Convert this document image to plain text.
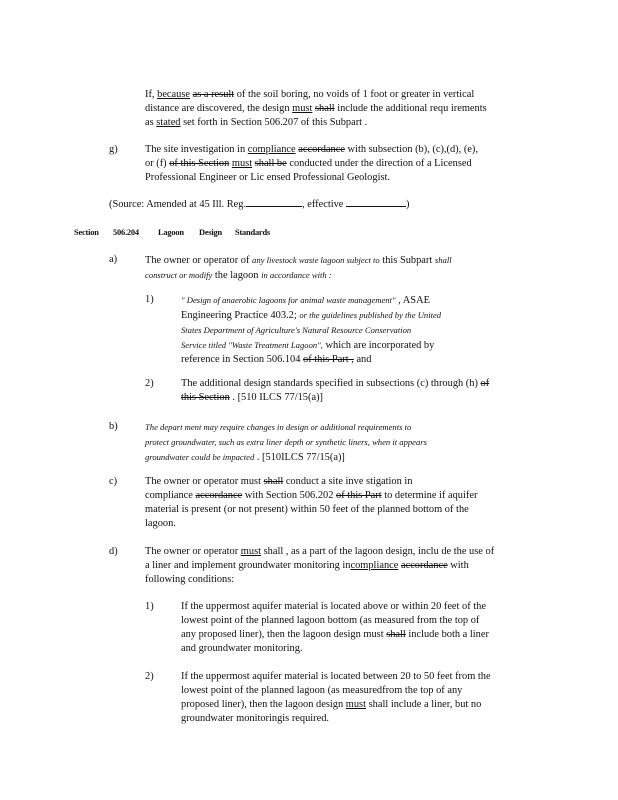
If, because as a result of the soil boring, no voids of 1 foot or greater in vertical
distance are discovered, the design must shall include the additional requ irements
as stated set forth in Section 506.207 of this Subpart .
g)	The site investigation in compliance accordance with subsection (b), (c),(d), (e),
or (f) of this Section must shall be conducted under the direction of a Licensed
Professional Engineer or Lic ensed Professional Geologist.
(Source: Amended at 45 Ill. Reg.	, effective	)
Section 506.204 Lagoon Design Standards
a)	The owner or operator of any livestock waste lagoon subject to this Subpart shall
construct or modify the lagoon in accordance with :
1)	" Design of anaerobic lagoons for animal waste management" , ASAE
Engineering Practice 403.2; or the guidelines published by the United
States Department of Agriculture's Natural Resource Conservation
Service titled "Waste Treatment Lagoon", which are incorporated by
reference in Section 506.104 of this Part , and
2)	The additional design standards specified in subsections (c) through (h) of
this Section . [510 ILCS 77/15(a)]
b)	The depart ment may require changes in design or additional requirements to
protect groundwater, such as extra liner depth or synthetic liners, when it appears
groundwater could be impacted . [510ILCS 77/15(a)]
c)	The owner or operator must shall conduct a site inve stigation in
compliance accordance with Section 506.202 of this Part to determine if aquifer
material is present (or not present) within 50 feet of the planned bottom of the
lagoon.
d)	The owner or operator must shall , as a part of the lagoon design, inclu de the use of
a liner and implement groundwater monitoring incompliance accordance with
following conditions:
1)	If the uppermost aquifer material is located above or within 20 feet of the
lowest point of the planned lagoon bottom (as measured from the top of
any proposed liner), then the lagoon design must shall include both a liner
and groundwater monitoring.
2)	If the uppermost aquifer material is located between 20 to 50 feet from the
lowest point of the planned lagoon (as measuredfrom the top of any
proposed liner), then the lagoon design must shall include a liner, but no
groundwater monitoringis required.
